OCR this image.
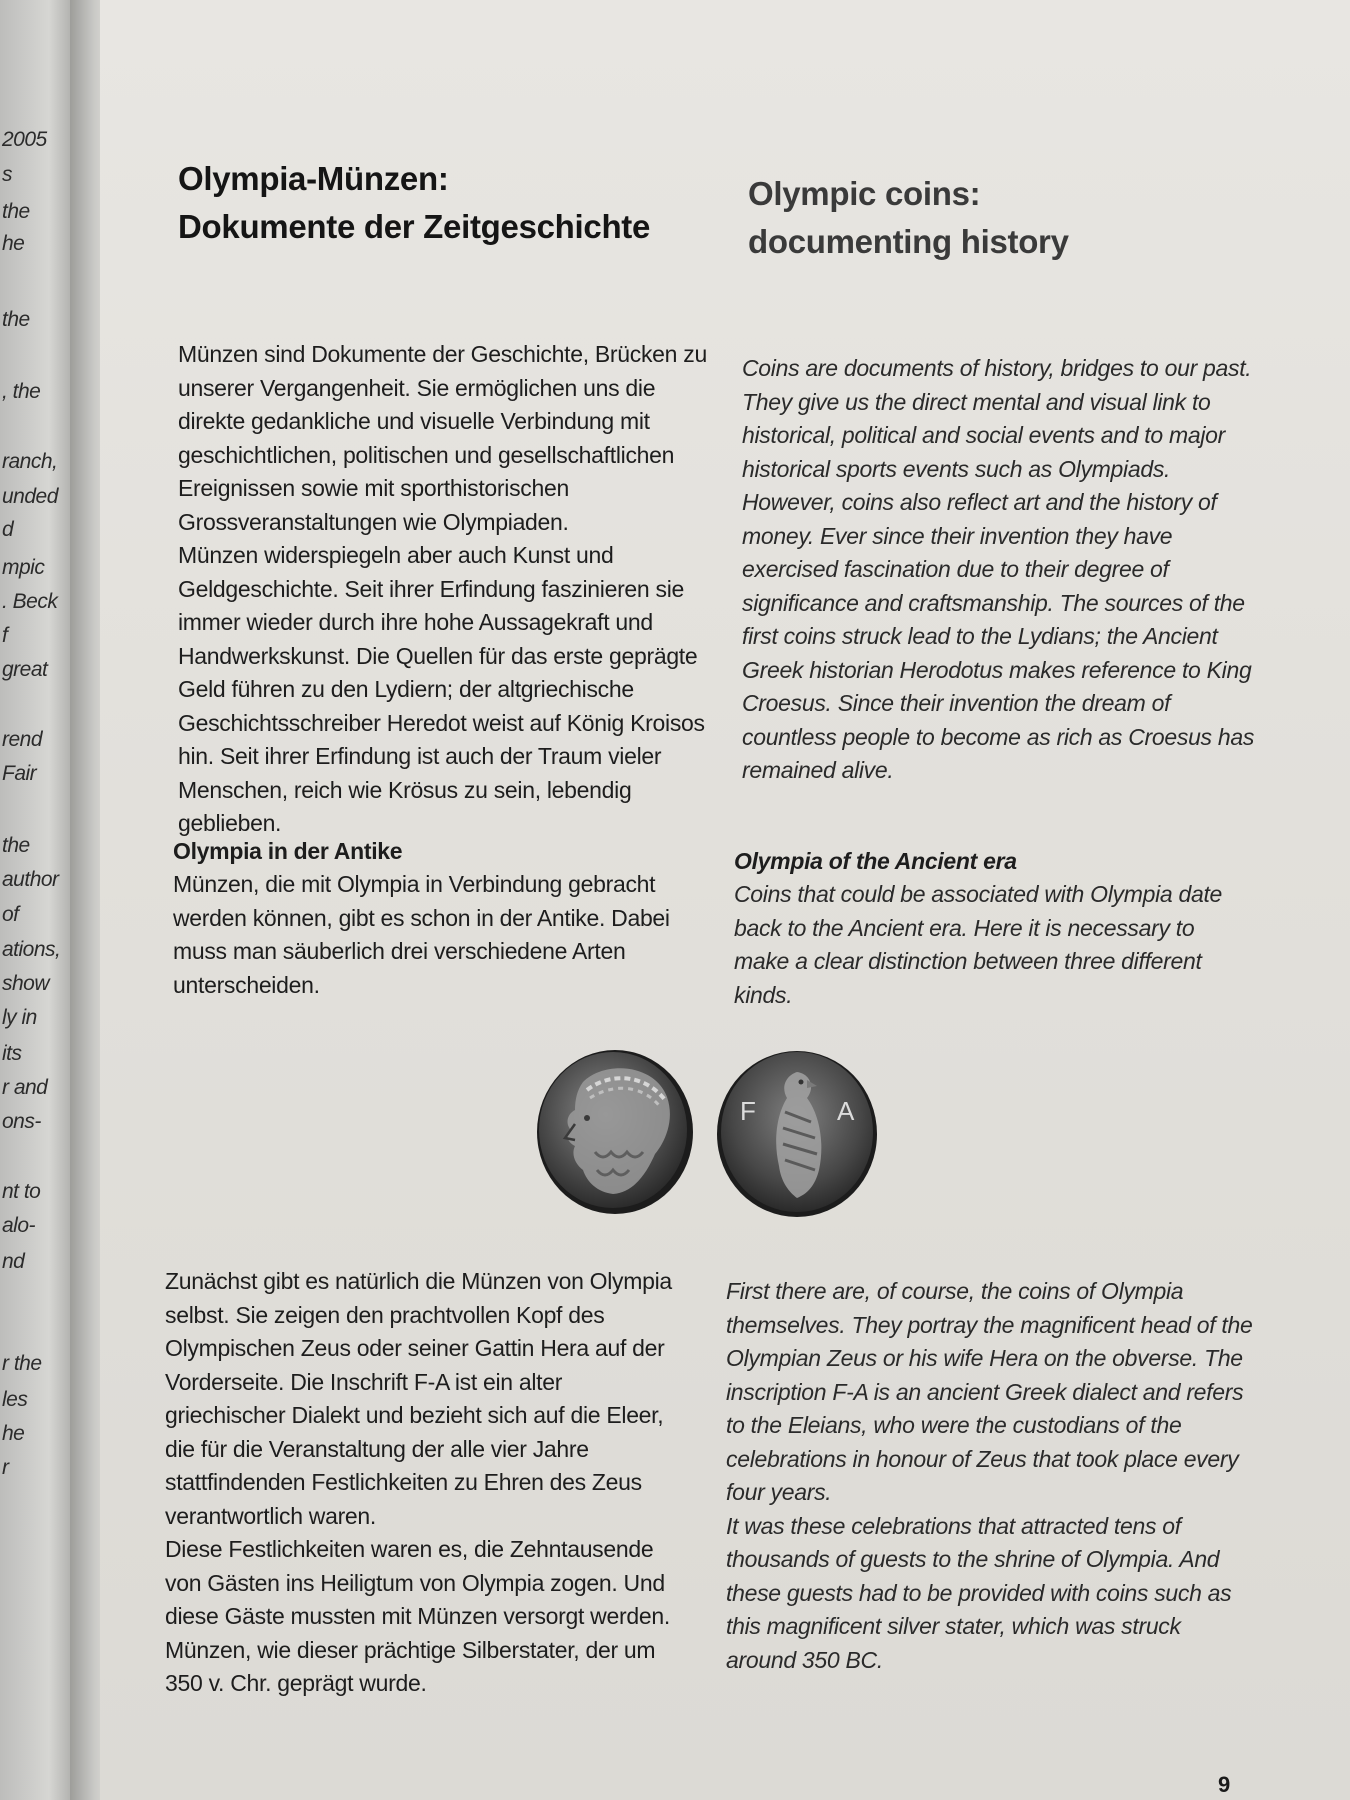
2005
s
the
he
the
, the
ranch,
unded
d
mpic
. Beck
f
great
rend
Fair
the
author
of
ations,
show
ly in
its
r and
ons-
nt to
alo-
nd
r the
les
he
r
Olympia-Münzen:
Dokumente der Zeitgeschichte

Münzen sind Dokumente der Geschichte, Brücken zu unserer Vergangenheit. Sie ermöglichen uns die direkte gedankliche und visuelle Verbindung mit geschichtlichen, politischen und gesellschaftlichen Ereignissen sowie mit sporthistorischen Grossveranstaltungen wie Olympiaden.

Münzen widerspiegeln aber auch Kunst und Geldgeschichte. Seit ihrer Erfindung faszinieren sie immer wieder durch ihre hohe Aussagekraft und Handwerkskunst. Die Quellen für das erste geprägte Geld führen zu den Lydiern; der altgriechische Geschichtsschreiber Heredot weist auf König Kroisos hin. Seit ihrer Erfindung ist auch der Traum vieler Menschen, reich wie Krösus zu sein, lebendig geblieben.

Olympia in der Antike

Münzen, die mit Olympia in Verbindung gebracht werden können, gibt es schon in der Antike. Dabei muss man säuberlich drei verschiedene Arten unterscheiden.

Zunächst gibt es natürlich die Münzen von Olympia selbst. Sie zeigen den prachtvollen Kopf des Olympischen Zeus oder seiner Gattin Hera auf der Vorderseite. Die Inschrift F-A ist ein alter griechischer Dialekt und bezieht sich auf die Eleer, die für die Veranstaltung der alle vier Jahre stattfindenden Festlichkeiten zu Ehren des Zeus verantwortlich waren.

Diese Festlichkeiten waren es, die Zehntausende von Gästen ins Heiligtum von Olympia zogen. Und diese Gäste mussten mit Münzen versorgt werden. Münzen, wie dieser prächtige Silberstater, der um 350 v. Chr. geprägt wurde.

Olympic coins:
documenting history

Coins are documents of history, bridges to our past. They give us the direct mental and visual link to historical, political and social events and to major historical sports events such as Olympiads. However, coins also reflect art and the history of money. Ever since their invention they have exercised fascination due to their degree of significance and craftsmanship. The sources of the first coins struck lead to the Lydians; the Ancient Greek historian Herodotus makes reference to King Croesus. Since their invention the dream of countless people to become as rich as Croesus has remained alive.

Olympia of the Ancient era

Coins that could be associated with Olympia date back to the Ancient era. Here it is necessary to make a clear distinction between three different kinds.

First there are, of course, the coins of Olympia themselves. They portray the magnificent head of the Olympian Zeus or his wife Hera on the obverse. The inscription F-A is an ancient Greek dialect and refers to the Eleians, who were the custodians of the celebrations in honour of Zeus that took place every four years.

It was these celebrations that attracted tens of thousands of guests to the shrine of Olympia. And these guests had to be provided with coins such as this magnificent silver stater, which was struck around 350 BC.

F	A
9
